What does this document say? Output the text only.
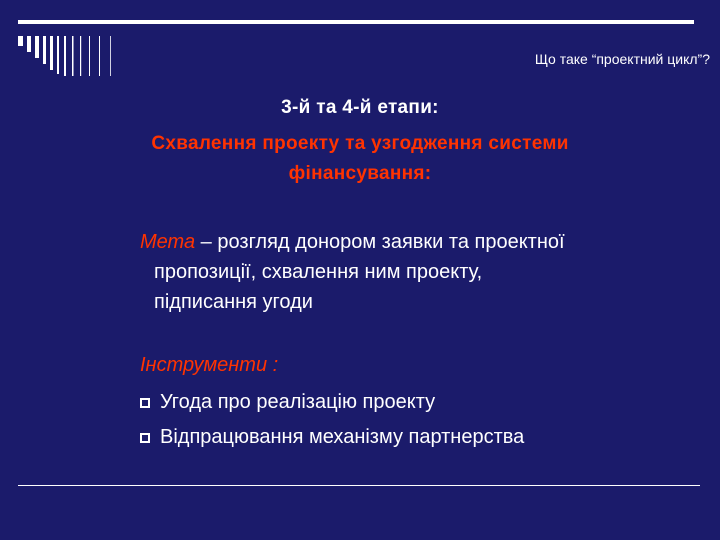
Що таке “проектний цикл”?
3-й та 4-й етапи:
Схвалення проекту та узгодження системи
фінансування:
Мета – розгляд донором заявки та проектної
пропозиції, схвалення ним проекту,
підписання угоди
Інструменти :
Угода про реалізацію проекту
Відпрацювання механізму партнерства
